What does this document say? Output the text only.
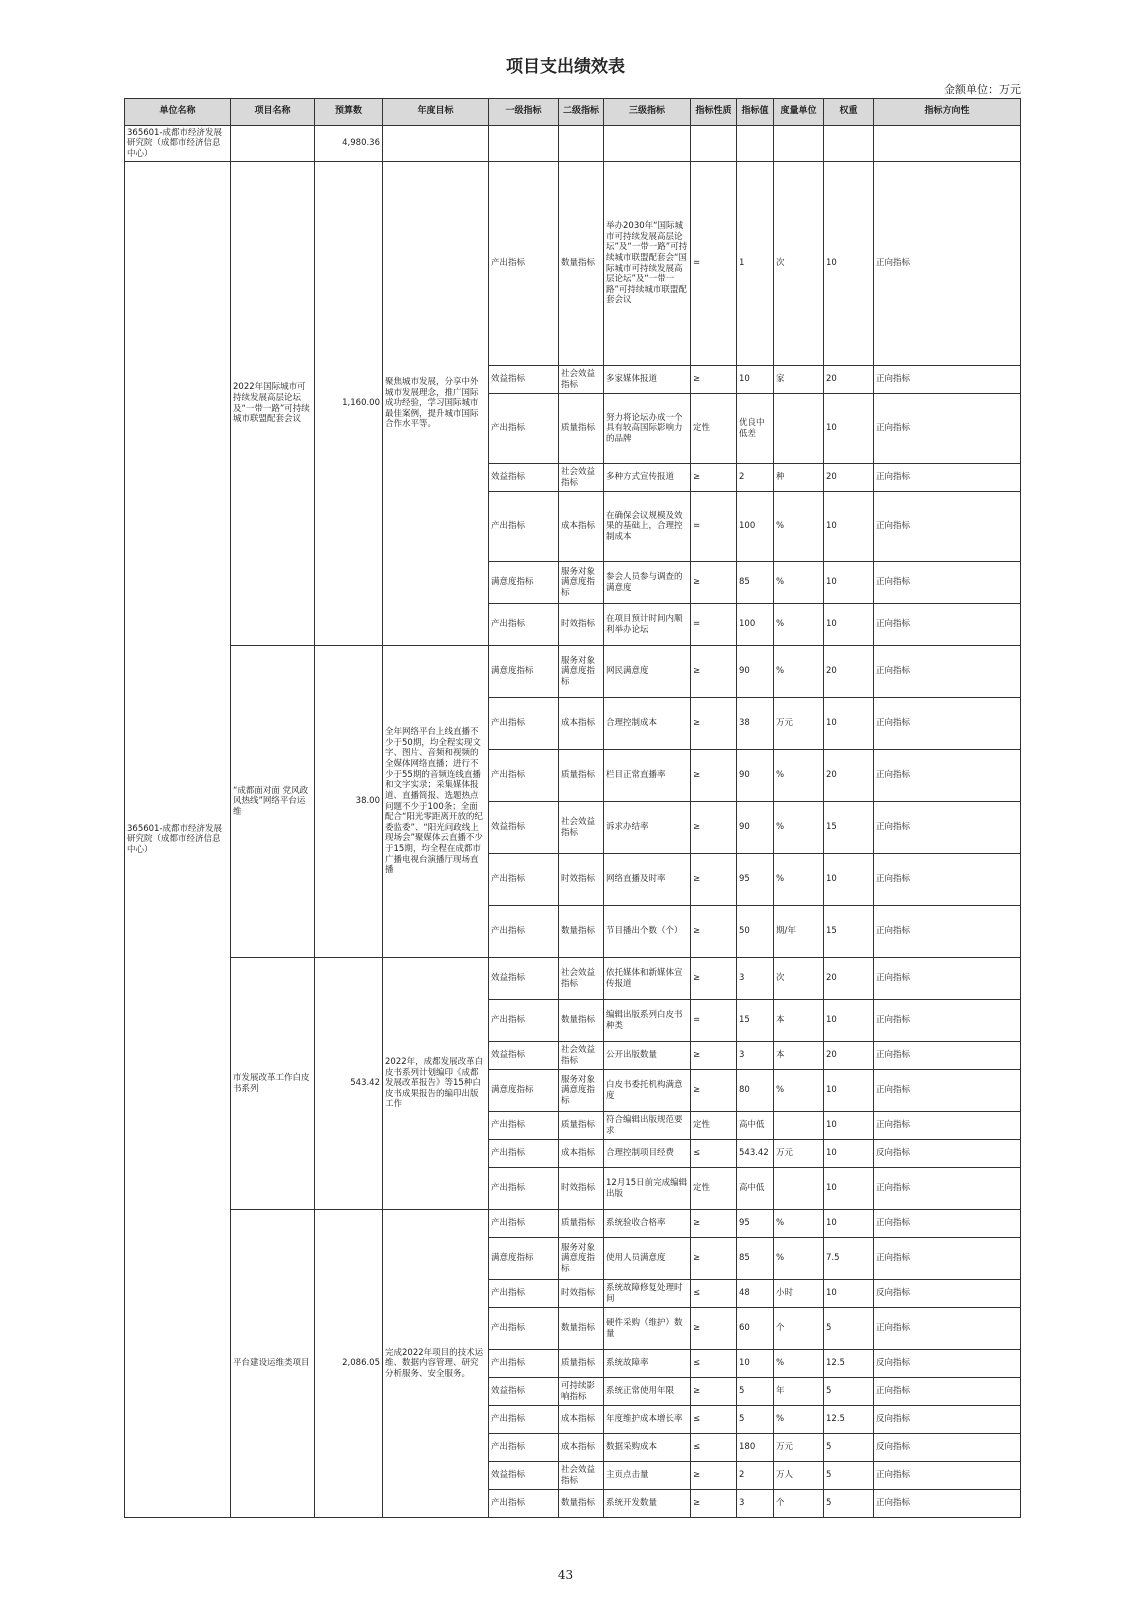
项目支出绩效表
金额单位：万元
单位名称	项目名称	预算数	年度目标	一级指标	二级指标	三级指标	指标性质	指标值	度量单位	权重	指标方向性
365601-成都市经济发展研究院（成都市经济信息中心）		4,980.36									
365601-成都市经济发展研究院（成都市经济信息中心）	2022年国际城市可持续发展高层论坛及“一带一路”可持续城市联盟配套会议	1,160.00	聚焦城市发展，分享中外城市发展理念，推广国际成功经验，学习国际城市最佳案例，提升城市国际合作水平等。	产出指标	数量指标	举办2030年“国际城市可持续发展高层论坛”及“一带一路”可持续城市联盟配套会“国际城市可持续发展高层论坛”及“一带一路”可持续城市联盟配套会议	=	1	次	10	正向指标
				效益指标	社会效益指标	多家媒体报道	≥	10	家	20	正向指标
				产出指标	质量指标	努力将论坛办成一个具有较高国际影响力的品牌	定性	优良中低差		10	正向指标
				效益指标	社会效益指标	多种方式宣传报道	≥	2	种	20	正向指标
				产出指标	成本指标	在确保会议规模及效果的基础上，合理控制成本	=	100	%	10	正向指标
				满意度指标	服务对象满意度指标	参会人员参与调查的满意度	≥	85	%	10	正向指标
				产出指标	时效指标	在项目预计时间内顺利举办论坛	=	100	%	10	正向指标
	“成都面对面 党风政风热线”网络平台运维	38.00	全年网络平台上线直播不少于50期，均全程实现文字、图片、音频和视频的全媒体网络直播；进行不少于55期的音频连线直播和文字实录；采集媒体报道、直播简报、选题热点问题不少于100条；全面配合“阳光零距离开放的纪委监委”、“阳光问政线上现场会”聚媒体云直播不少于15期，均全程在成都市广播电视台演播厅现场直播	满意度指标	服务对象满意度指标	网民满意度	≥	90	%	20	正向指标
				产出指标	成本指标	合理控制成本	≥	38	万元	10	正向指标
				产出指标	质量指标	栏目正常直播率	≥	90	%	20	正向指标
				效益指标	社会效益指标	诉求办结率	≥	90	%	15	正向指标
				产出指标	时效指标	网络直播及时率	≥	95	%	10	正向指标
				产出指标	数量指标	节目播出个数（个）	≥	50	期/年	15	正向指标
	市发展改革工作白皮书系列	543.42	2022年，成都发展改革白皮书系列计划编印《成都发展改革报告》等15种白皮书成果报告的编印出版工作	效益指标	社会效益指标	依托媒体和新媒体宣传报道	≥	3	次	20	正向指标
				产出指标	数量指标	编辑出版系列白皮书种类	=	15	本	10	正向指标
				效益指标	社会效益指标	公开出版数量	≥	3	本	20	正向指标
				满意度指标	服务对象满意度指标	白皮书委托机构满意度	≥	80	%	10	正向指标
				产出指标	质量指标	符合编辑出版规范要求	定性	高中低		10	正向指标
				产出指标	成本指标	合理控制项目经费	≤	543.42	万元	10	反向指标
				产出指标	时效指标	12月15日前完成编辑出版	定性	高中低		10	正向指标
	平台建设运维类项目	2,086.05	完成2022年项目的技术运维、数据内容管理、研究分析服务、安全服务。	产出指标	质量指标	系统验收合格率	≥	95	%	10	正向指标
				满意度指标	服务对象满意度指标	使用人员满意度	≥	85	%	7.5	正向指标
				产出指标	时效指标	系统故障修复处理时间	≤	48	小时	10	反向指标
				产出指标	数量指标	硬件采购（维护）数量	≥	60	个	5	正向指标
				产出指标	质量指标	系统故障率	≤	10	%	12.5	反向指标
				效益指标	可持续影响指标	系统正常使用年限	≥	5	年	5	正向指标
				产出指标	成本指标	年度维护成本增长率	≤	5	%	12.5	反向指标
				产出指标	成本指标	数据采购成本	≤	180	万元	5	反向指标
				效益指标	社会效益指标	主页点击量	≥	2	万人	5	正向指标
				产出指标	数量指标	系统开发数量	≥	3	个	5	正向指标
43
